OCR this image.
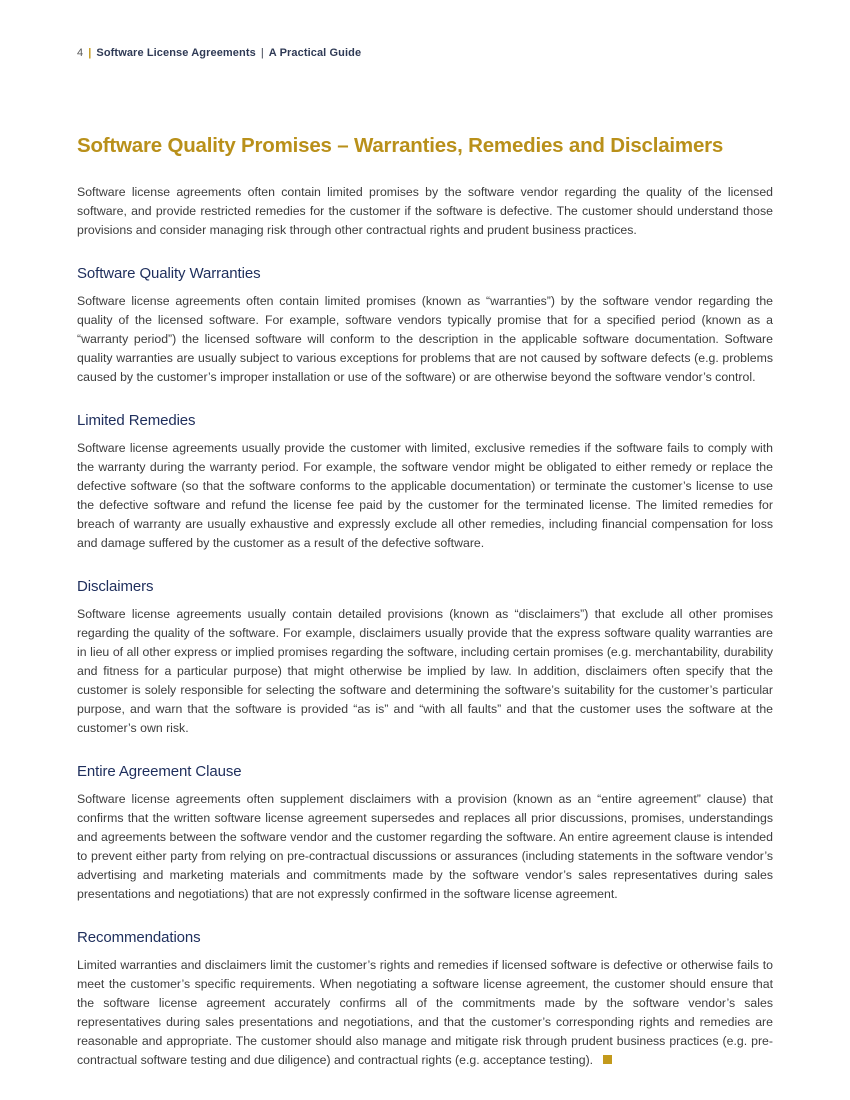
4 | Software License Agreements | A Practical Guide
Software Quality Promises – Warranties, Remedies and Disclaimers

Software license agreements often contain limited promises by the software vendor regarding the quality of the licensed software, and provide restricted remedies for the customer if the software is defective. The customer should understand those provisions and consider managing risk through other contractual rights and prudent business practices.

Software Quality Warranties

Software license agreements often contain limited promises (known as “warranties”) by the software vendor regarding the quality of the licensed software. For example, software vendors typically promise that for a specified period (known as a “warranty period”) the licensed software will conform to the description in the applicable software documentation. Software quality warranties are usually subject to various exceptions for problems that are not caused by software defects (e.g. problems caused by the customer’s improper installation or use of the software) or are otherwise beyond the software vendor’s control.

Limited Remedies

Software license agreements usually provide the customer with limited, exclusive remedies if the software fails to comply with the warranty during the warranty period. For example, the software vendor might be obligated to either remedy or replace the defective software (so that the software conforms to the applicable documentation) or terminate the customer’s license to use the defective software and refund the license fee paid by the customer for the terminated license. The limited remedies for breach of warranty are usually exhaustive and expressly exclude all other remedies, including financial compensation for loss and damage suffered by the customer as a result of the defective software.

Disclaimers

Software license agreements usually contain detailed provisions (known as “disclaimers”) that exclude all other promises regarding the quality of the software. For example, disclaimers usually provide that the express software quality warranties are in lieu of all other express or implied promises regarding the software, including certain promises (e.g. merchantability, durability and fitness for a particular purpose) that might otherwise be implied by law. In addition, disclaimers often specify that the customer is solely responsible for selecting the software and determining the software’s suitability for the customer’s particular purpose, and warn that the software is provided “as is” and “with all faults” and that the customer uses the software at the customer’s own risk.

Entire Agreement Clause

Software license agreements often supplement disclaimers with a provision (known as an “entire agreement” clause) that confirms that the written software license agreement supersedes and replaces all prior discussions, promises, understandings and agreements between the software vendor and the customer regarding the software. An entire agreement clause is intended to prevent either party from relying on pre-contractual discussions or assurances (including statements in the software vendor’s advertising and marketing materials and commitments made by the software vendor’s sales representatives during sales presentations and negotiations) that are not expressly confirmed in the software license agreement.

Recommendations

Limited warranties and disclaimers limit the customer’s rights and remedies if licensed software is defective or otherwise fails to meet the customer’s specific requirements. When negotiating a software license agreement, the customer should ensure that the software license agreement accurately confirms all of the commitments made by the software vendor’s sales representatives during sales presentations and negotiations, and that the customer’s corresponding rights and remedies are reasonable and appropriate. The customer should also manage and mitigate risk through prudent business practices (e.g. pre-contractual software testing and due diligence) and contractual rights (e.g. acceptance testing).
